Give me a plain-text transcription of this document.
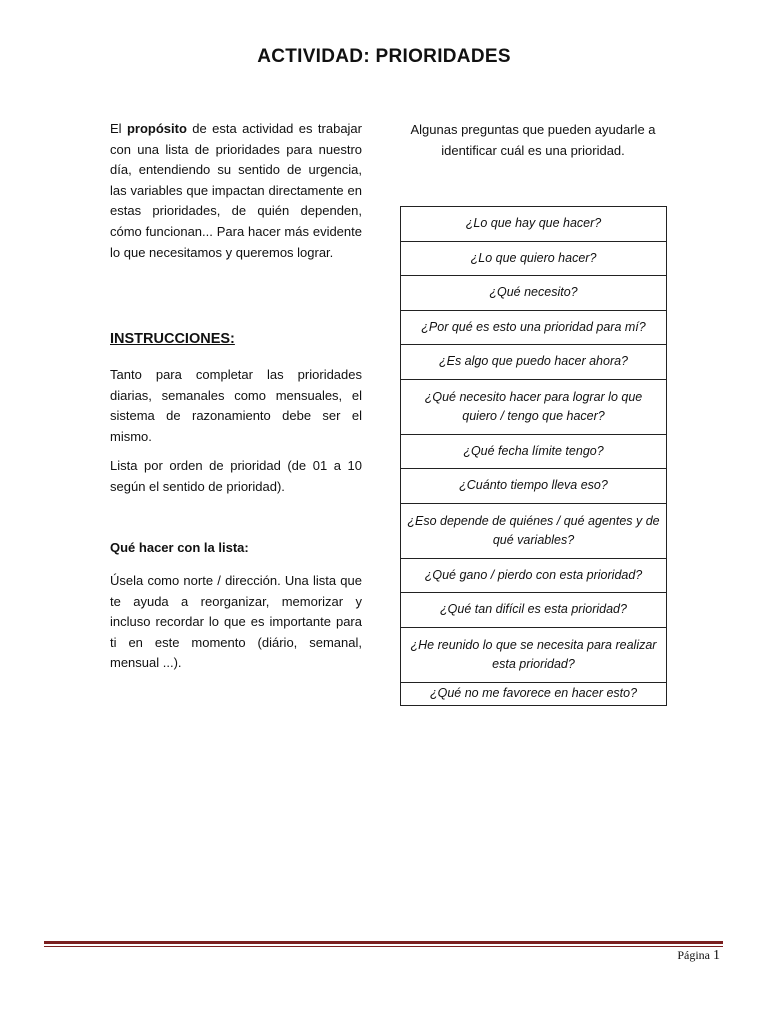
ACTIVIDAD: PRIORIDADES

El propósito de esta actividad es trabajar con una lista de prioridades para nuestro día, entendiendo su sentido de urgencia, las variables que impactan directamente en estas prioridades, de quién dependen, cómo funcionan... Para hacer más evidente lo que necesitamos y queremos lograr.

INSTRUCCIONES:
Tanto para completar las prioridades diarias, semanales como mensuales, el sistema de razonamiento debe ser el mismo.
Lista por orden de prioridad (de 01 a 10 según el sentido de prioridad).
Qué hacer con la lista:
Úsela como norte / dirección. Una lista que te ayuda a reorganizar, memorizar y incluso recordar lo que es importante para ti en este momento (diário, semanal, mensual ...).
Algunas preguntas que pueden ayudarle a identificar cuál es una prioridad.
¿Lo que hay que hacer?
¿Lo que quiero hacer?
¿Qué necesito?
¿Por qué es esto una prioridad para mí?
¿Es algo que puedo hacer ahora?
¿Qué necesito hacer para lograr lo que quiero / tengo que hacer?
¿Qué fecha límite tengo?
¿Cuánto tiempo lleva eso?
¿Eso depende de quiénes / qué agentes y de qué variables?
¿Qué gano / pierdo con esta prioridad?
¿Qué tan difícil es esta prioridad?
¿He reunido lo que se necesita para realizar esta prioridad?
¿Qué no me favorece en hacer esto?
Página 1
